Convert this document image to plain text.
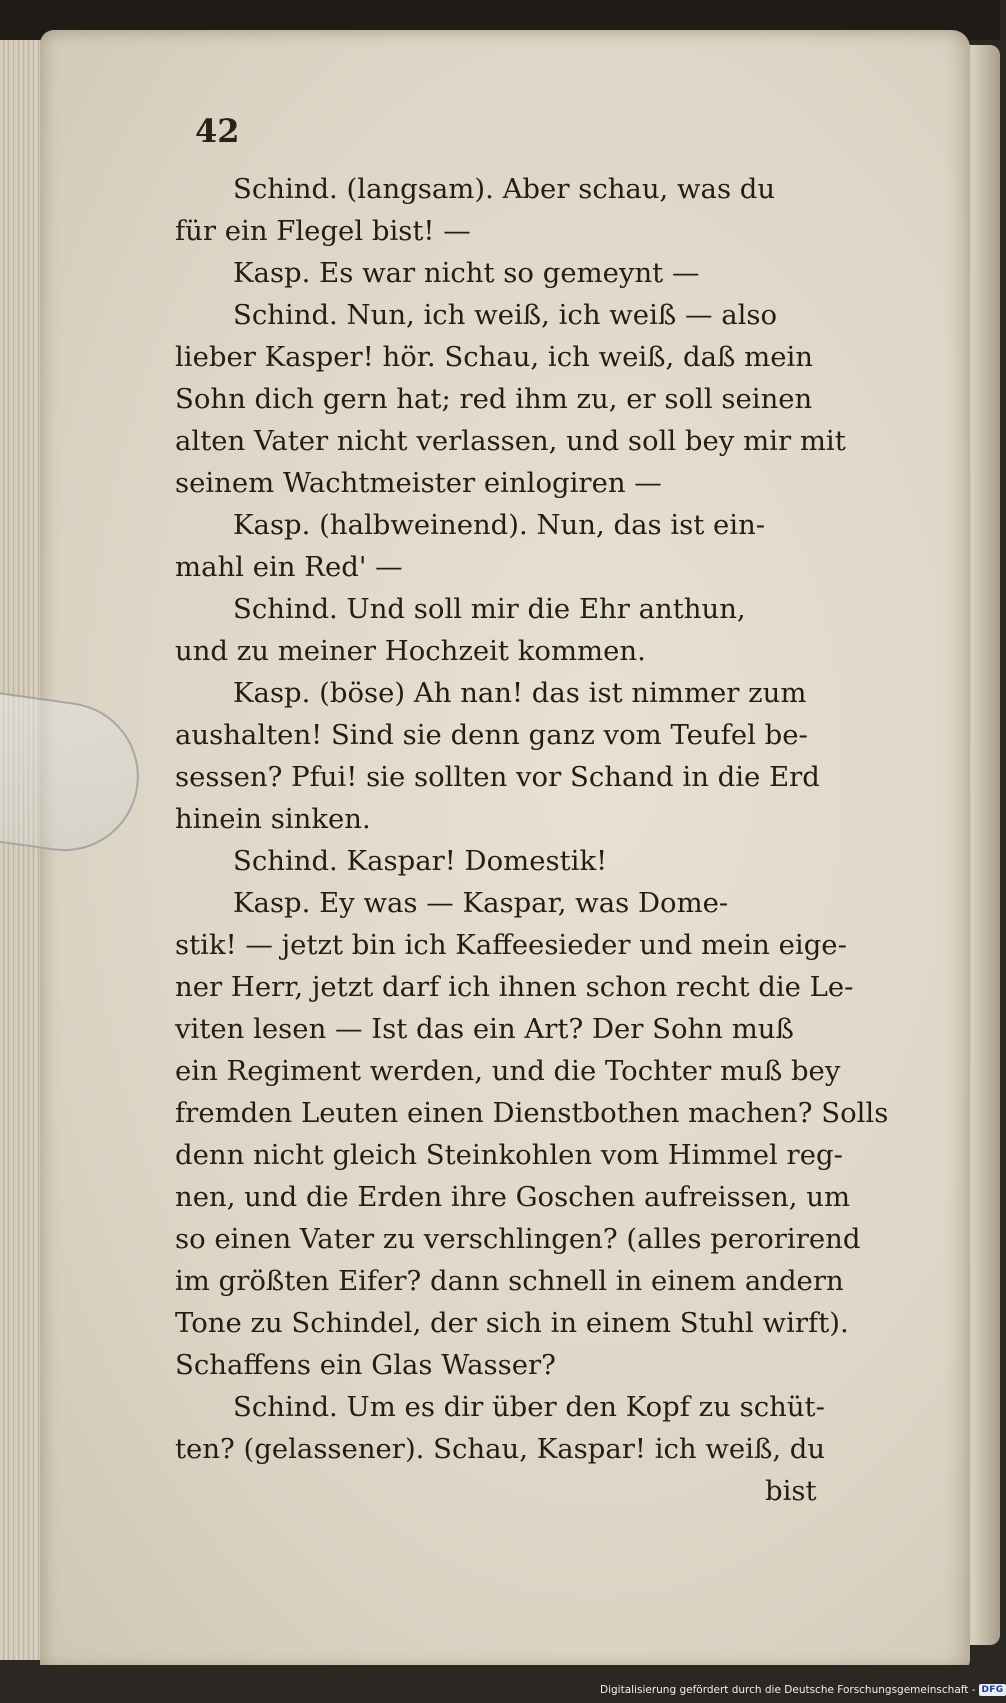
42
Schind. (langsam). Aber schau, was du
für ein Flegel bist! —
Kasp. Es war nicht so gemeynt —
Schind. Nun, ich weiß, ich weiß — also
lieber Kasper! hör. Schau, ich weiß, daß mein
Sohn dich gern hat; red ihm zu, er soll seinen
alten Vater nicht verlassen, und soll bey mir mit
seinem Wachtmeister einlogiren —
Kasp. (halbweinend). Nun, das ist ein-
mahl ein Red' —
Schind. Und soll mir die Ehr anthun,
und zu meiner Hochzeit kommen.
Kasp. (böse) Ah nan! das ist nimmer zum
aushalten! Sind sie denn ganz vom Teufel be-
sessen? Pfui! sie sollten vor Schand in die Erd
hinein sinken.
Schind. Kaspar! Domestik!
Kasp. Ey was — Kaspar, was Dome-
stik! — jetzt bin ich Kaffeesieder und mein eige-
ner Herr, jetzt darf ich ihnen schon recht die Le-
viten lesen — Ist das ein Art? Der Sohn muß
ein Regiment werden, und die Tochter muß bey
fremden Leuten einen Dienstbothen machen? Solls
denn nicht gleich Steinkohlen vom Himmel reg-
nen, und die Erden ihre Goschen aufreissen, um
so einen Vater zu verschlingen? (alles perorirend
im größten Eifer? dann schnell in einem andern
Tone zu Schindel, der sich in einem Stuhl wirft).
Schaffens ein Glas Wasser?
Schind. Um es dir über den Kopf zu schüt-
ten? (gelassener). Schau, Kaspar! ich weiß, du
bist
Digitalisierung gefördert durch die Deutsche Forschungsgemeinschaft - DFG
